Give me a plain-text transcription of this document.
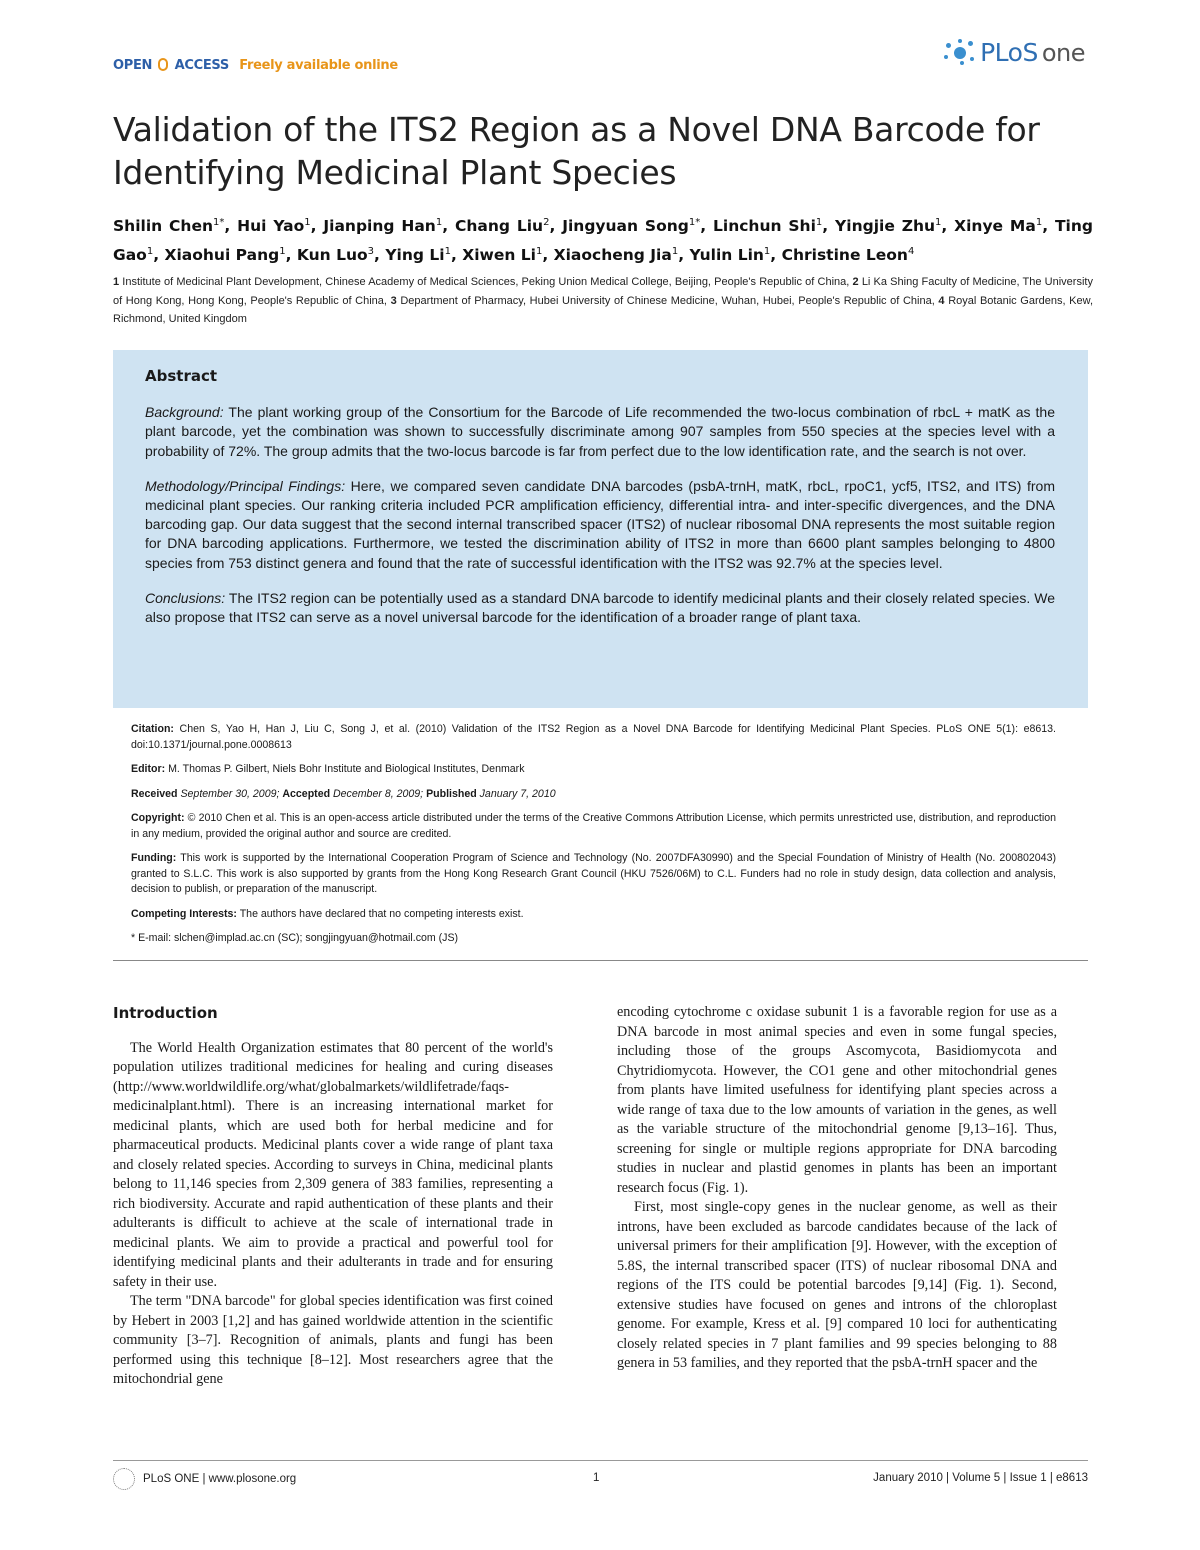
OPEN ACCESS Freely available online	PLoS one
Validation of the ITS2 Region as a Novel DNA Barcode for Identifying Medicinal Plant Species

Shilin Chen$^{1*}$, Hui Yao$^1$, Jianping Han$^1$, Chang Liu$^2$, Jingyuan Song$^{1*}$, Linchun Shi$^1$, Yingjie Zhu$^1$, Xinye Ma$^1$, Ting Gao$^1$, Xiaohui Pang$^1$, Kun Luo$^3$, Ying Li$^1$, Xiwen Li$^1$, Xiaocheng Jia$^1$, Yulin Lin$^1$, Christine Leon$^4$

1 Institute of Medicinal Plant Development, Chinese Academy of Medical Sciences, Peking Union Medical College, Beijing, People's Republic of China, 2 Li Ka Shing Faculty of Medicine, The University of Hong Kong, Hong Kong, People's Republic of China, 3 Department of Pharmacy, Hubei University of Chinese Medicine, Wuhan, Hubei, People's Republic of China, 4 Royal Botanic Gardens, Kew, Richmond, United Kingdom

Abstract

Background: The plant working group of the Consortium for the Barcode of Life recommended the two-locus combination of rbcL + matK as the plant barcode, yet the combination was shown to successfully discriminate among 907 samples from 550 species at the species level with a probability of 72%. The group admits that the two-locus barcode is far from perfect due to the low identification rate, and the search is not over.

Methodology/Principal Findings: Here, we compared seven candidate DNA barcodes (psbA-trnH, matK, rbcL, rpoC1, ycf5, ITS2, and ITS) from medicinal plant species. Our ranking criteria included PCR amplification efficiency, differential intra- and inter-specific divergences, and the DNA barcoding gap. Our data suggest that the second internal transcribed spacer (ITS2) of nuclear ribosomal DNA represents the most suitable region for DNA barcoding applications. Furthermore, we tested the discrimination ability of ITS2 in more than 6600 plant samples belonging to 4800 species from 753 distinct genera and found that the rate of successful identification with the ITS2 was 92.7% at the species level.

Conclusions: The ITS2 region can be potentially used as a standard DNA barcode to identify medicinal plants and their closely related species. We also propose that ITS2 can serve as a novel universal barcode for the identification of a broader range of plant taxa.

Citation: Chen S, Yao H, Han J, Liu C, Song J, et al. (2010) Validation of the ITS2 Region as a Novel DNA Barcode for Identifying Medicinal Plant Species. PLoS ONE 5(1): e8613. doi:10.1371/journal.pone.0008613

Editor: M. Thomas P. Gilbert, Niels Bohr Institute and Biological Institutes, Denmark

Received September 30, 2009; Accepted December 8, 2009; Published January 7, 2010

Copyright: © 2010 Chen et al. This is an open-access article distributed under the terms of the Creative Commons Attribution License, which permits unrestricted use, distribution, and reproduction in any medium, provided the original author and source are credited.

Funding: This work is supported by the International Cooperation Program of Science and Technology (No. 2007DFA30990) and the Special Foundation of Ministry of Health (No. 200802043) granted to S.L.C. This work is also supported by grants from the Hong Kong Research Grant Council (HKU 7526/06M) to C.L. Funders had no role in study design, data collection and analysis, decision to publish, or preparation of the manuscript.

Competing Interests: The authors have declared that no competing interests exist.

* E-mail: slchen@implad.ac.cn (SC); songjingyuan@hotmail.com (JS)

Introduction

The World Health Organization estimates that 80 percent of the world's population utilizes traditional medicines for healing and curing diseases (http://www.worldwildlife.org/what/globalmarkets/wildlifetrade/faqs-medicinalplant.html). There is an increasing international market for medicinal plants, which are used both for herbal medicine and for pharmaceutical products. Medicinal plants cover a wide range of plant taxa and closely related species. According to surveys in China, medicinal plants belong to 11,146 species from 2,309 genera of 383 families, representing a rich biodiversity. Accurate and rapid authentication of these plants and their adulterants is difficult to achieve at the scale of international trade in medicinal plants. We aim to provide a practical and powerful tool for identifying medicinal plants and their adulterants in trade and for ensuring safety in their use.

The term "DNA barcode" for global species identification was first coined by Hebert in 2003 [1,2] and has gained worldwide attention in the scientific community [3–7]. Recognition of animals, plants and fungi has been performed using this technique [8–12]. Most researchers agree that the mitochondrial gene

encoding cytochrome c oxidase subunit 1 is a favorable region for use as a DNA barcode in most animal species and even in some fungal species, including those of the groups Ascomycota, Basidiomycota and Chytridiomycota. However, the CO1 gene and other mitochondrial genes from plants have limited usefulness for identifying plant species across a wide range of taxa due to the low amounts of variation in the genes, as well as the variable structure of the mitochondrial genome [9,13–16]. Thus, screening for single or multiple regions appropriate for DNA barcoding studies in nuclear and plastid genomes in plants has been an important research focus (Fig. 1).

First, most single-copy genes in the nuclear genome, as well as their introns, have been excluded as barcode candidates because of the lack of universal primers for their amplification [9]. However, with the exception of 5.8S, the internal transcribed spacer (ITS) of nuclear ribosomal DNA and regions of the ITS could be potential barcodes [9,14] (Fig. 1). Second, extensive studies have focused on genes and introns of the chloroplast genome. For example, Kress et al. [9] compared 10 loci for authenticating closely related species in 7 plant families and 99 species belonging to 88 genera in 53 families, and they reported that the psbA-trnH spacer and the

PLoS ONE | www.plosone.org	1	January 2010 | Volume 5 | Issue 1 | e8613
